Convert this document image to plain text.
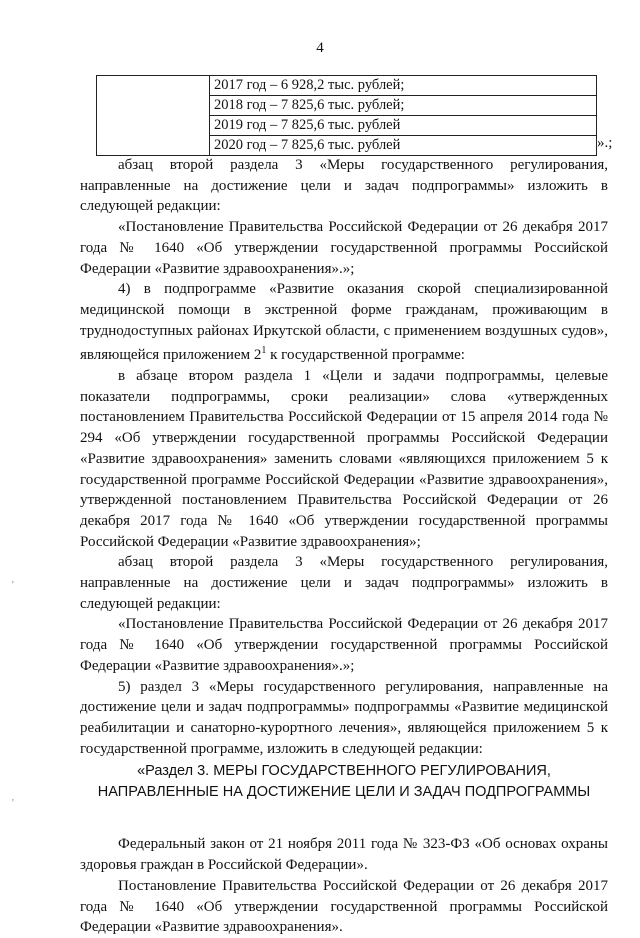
4
	2017 год – 6 928,2 тыс. рублей;
2018 год – 7 825,6 тыс. рублей;
2019 год – 7 825,6 тыс. рублей
2020 год – 7 825,6 тыс. рублей	».;

абзац второй раздела 3 «Меры государственного регулирования, направленные на достижение цели и задач подпрограммы» изложить в следующей редакции:

«Постановление Правительства Российской Федерации от 26 декабря 2017 года № 1640 «Об утверждении государственной программы Российской Федерации «Развитие здравоохранения».»;

4) в подпрограмме «Развитие оказания скорой специализированной медицинской помощи в экстренной форме гражданам, проживающим в труднодоступных районах Иркутской области, с применением воздушных судов», являющейся приложением $2^1$ к государственной программе:

в абзаце втором раздела 1 «Цели и задачи подпрограммы, целевые показатели подпрограммы, сроки реализации» слова «утвержденных постановлением Правительства Российской Федерации от 15 апреля 2014 года № 294 «Об утверждении государственной программы Российской Федерации «Развитие здравоохранения» заменить словами «являющихся приложением 5 к государственной программе Российской Федерации «Развитие здравоохранения», утвержденной постановлением Правительства Российской Федерации от 26 декабря 2017 года № 1640 «Об утверждении государственной программы Российской Федерации «Развитие здравоохранения»;

абзац второй раздела 3 «Меры государственного регулирования, направленные на достижение цели и задач подпрограммы» изложить в следующей редакции:

«Постановление Правительства Российской Федерации от 26 декабря 2017 года № 1640 «Об утверждении государственной программы Российской Федерации «Развитие здравоохранения».»;

5) раздел 3 «Меры государственного регулирования, направленные на достижение цели и задач подпрограммы» подпрограммы «Развитие медицинской реабилитации и санаторно-курортного лечения», являющейся приложением 5 к государственной программе, изложить в следующей редакции:

«Раздел 3. МЕРЫ ГОСУДАРСТВЕННОГО РЕГУЛИРОВАНИЯ, НАПРАВЛЕННЫЕ НА ДОСТИЖЕНИЕ ЦЕЛИ И ЗАДАЧ ПОДПРОГРАММЫ

Федеральный закон от 21 ноября 2011 года № 323-ФЗ «Об основах охраны здоровья граждан в Российской Федерации».

Постановление Правительства Российской Федерации от 26 декабря 2017 года № 1640 «Об утверждении государственной программы Российской Федерации «Развитие здравоохранения».

'
'
